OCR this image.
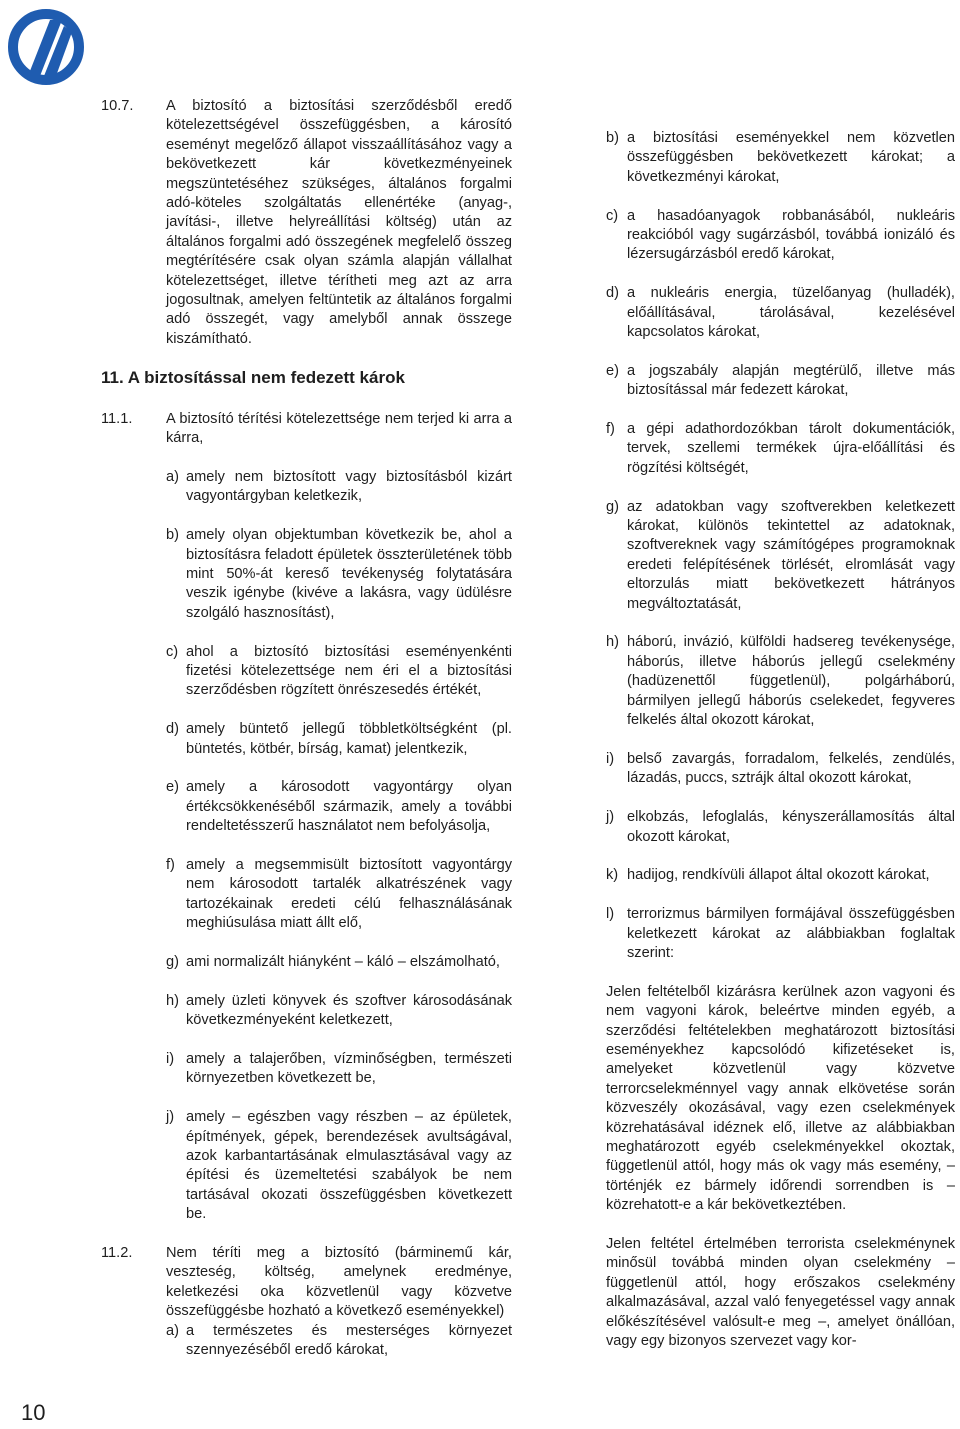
10.7.	A biztosító a biztosítási szerződésből eredő kötelezettségével összefüggésben, a károsító eseményt megelőző állapot visszaállításához vagy a bekövetkezett kár következményeinek megszüntetéséhez szükséges, általános forgalmi adó-köteles szolgáltatás ellenértéke (anyag-, javítási-, illetve helyreállítási költség) után az általános forgalmi adó összegének megfelelő összeg megtérítésére csak olyan számla alapján vállalhat kötelezettséget, illetve térítheti meg azt az arra jogosultnak, amelyen feltüntetik az általános forgalmi adó összegét, vagy amelyből annak összege kiszámítható.
11. A biztosítással nem fedezett károk
11.1.	A biztosító térítési kötelezettsége nem terjed ki arra a kárra,
a) amely nem biztosított vagy biztosításból kizárt vagyontárgyban keletkezik,
b) amely olyan objektumban következik be, ahol a biztosításra feladott épületek összterületének több mint 50%-át kereső tevékenység folytatására veszik igénybe (kivéve a lakásra, vagy üdülésre szolgáló hasznosítást),
c) ahol a biztosító biztosítási eseményenkénti fizetési kötelezettsége nem éri el a biztosítási szerződésben rögzített önrészesedés értékét,
d) amely büntető jellegű többletköltségként (pl. büntetés, kötbér, bírság, kamat) jelentkezik,
e) amely a károsodott vagyontárgy olyan értékcsökkenéséből származik, amely a további rendeltetésszerű használatot nem befolyásolja,
f) amely a megsemmisült biztosított vagyontárgy nem károsodott tartalék alkatrészének vagy tartozékainak eredeti célú felhasználásának meghiúsulása miatt állt elő,
g) ami normalizált hiányként – káló – elszámolható,
h) amely üzleti könyvek és szoftver károsodásának következményeként keletkezett,
i) amely a talajerőben, vízminőségben, természeti környezetben következett be,
j) amely – egészben vagy részben – az épületek, építmények, gépek, berendezések avultságával, azok karbantartásának elmulasztásával vagy az építési és üzemeltetési szabályok be nem tartásával okozati összefüggésben következett be.
11.2.	Nem téríti meg a biztosító (bárminemű kár, veszteség, költség, amelynek eredménye, keletkezési oka közvetlenül vagy közvetve összefüggésbe hozható a következő eseményekkel)
a) a természetes és mesterséges környezet szennyezéséből eredő károkat,
b) a biztosítási eseményekkel nem közvetlen összefüggésben bekövetkezett károkat; a következményi károkat,
c) a hasadóanyagok robbanásából, nukleáris reakcióból vagy sugárzásból, továbbá ionizáló és lézersugárzásból eredő károkat,
d) a nukleáris energia, tüzelőanyag (hulladék), előállításával, tárolásával, kezelésével kapcsolatos károkat,
e) a jogszabály alapján megtérülő, illetve más biztosítással már fedezett károkat,
f) a gépi adathordozókban tárolt dokumentációk, tervek, szellemi termékek újra-előállítási és rögzítési költségét,
g) az adatokban vagy szoftverekben keletkezett károkat, különös tekintettel az adatoknak, szoftvereknek vagy számítógépes programoknak eredeti felépítésének törlését, elromlását vagy eltorzulás miatt bekövetkezett hátrányos megváltoztatását,
h) háború, invázió, külföldi hadsereg tevékenysége, háborús, illetve háborús jellegű cselekmény (hadüzenettől függetlenül), polgárháború, bármilyen jellegű háborús cselekedet, fegyveres felkelés által okozott károkat,
i) belső zavargás, forradalom, felkelés, zendülés, lázadás, puccs, sztrájk által okozott károkat,
j) elkobzás, lefoglalás, kényszerállamosítás által okozott károkat,
k) hadijog, rendkívüli állapot által okozott károkat,
l) terrorizmus bármilyen formájával összefüggésben keletkezett károkat az alábbiakban foglaltak szerint:

Jelen feltételből kizárásra kerülnek azon vagyoni és nem vagyoni károk, beleértve minden egyéb, a szerződési feltételekben meghatározott biztosítási eseményekhez kapcsolódó kifizetéseket is, amelyeket közvetlenül vagy közvetve terrorcselekménnyel vagy annak elkövetése során közveszély okozásával, vagy ezen cselekmények közrehatásával idéznek elő, illetve az alábbiakban meghatározott egyéb cselekményekkel okoztak, függetlenül attól, hogy más ok vagy más esemény, – történjék ez bármely időrendi sorrendben is – közrehatott-e a kár bekövetkeztében.

Jelen feltétel értelmében terrorista cselekménynek minősül továbbá minden olyan cselekmény – függetlenül attól, hogy erőszakos cselekmény alkalmazásával, azzal való fenyegetéssel vagy annak előkészítésével valósult-e meg –, amelyet önállóan, vagy egy bizonyos szervezet vagy kor-

10
